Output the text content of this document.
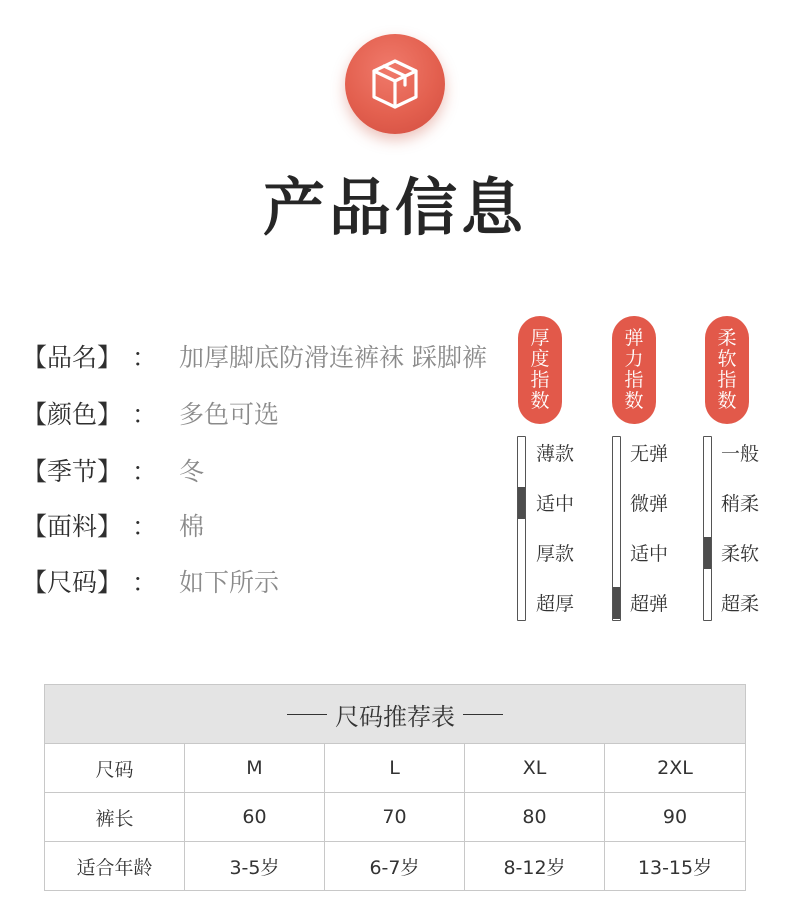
产品信息
【品名】 ： 加厚脚底防滑连裤袜 踩脚裤
【颜色】 ： 多色可选
【季节】 ： 冬
【面料】 ： 棉
【尺码】 ： 如下所示
厚
度
指
数
薄款
适中
厚款
超厚
弹
力
指
数
无弹
微弹
适中
超弹
柔
软
指
数
一般
稍柔
柔软
超柔
尺码推荐表
尺码	M	L	XL	2XL
裤长	60	70	80	90
适合年龄	3-5岁	6-7岁	8-12岁	13-15岁
